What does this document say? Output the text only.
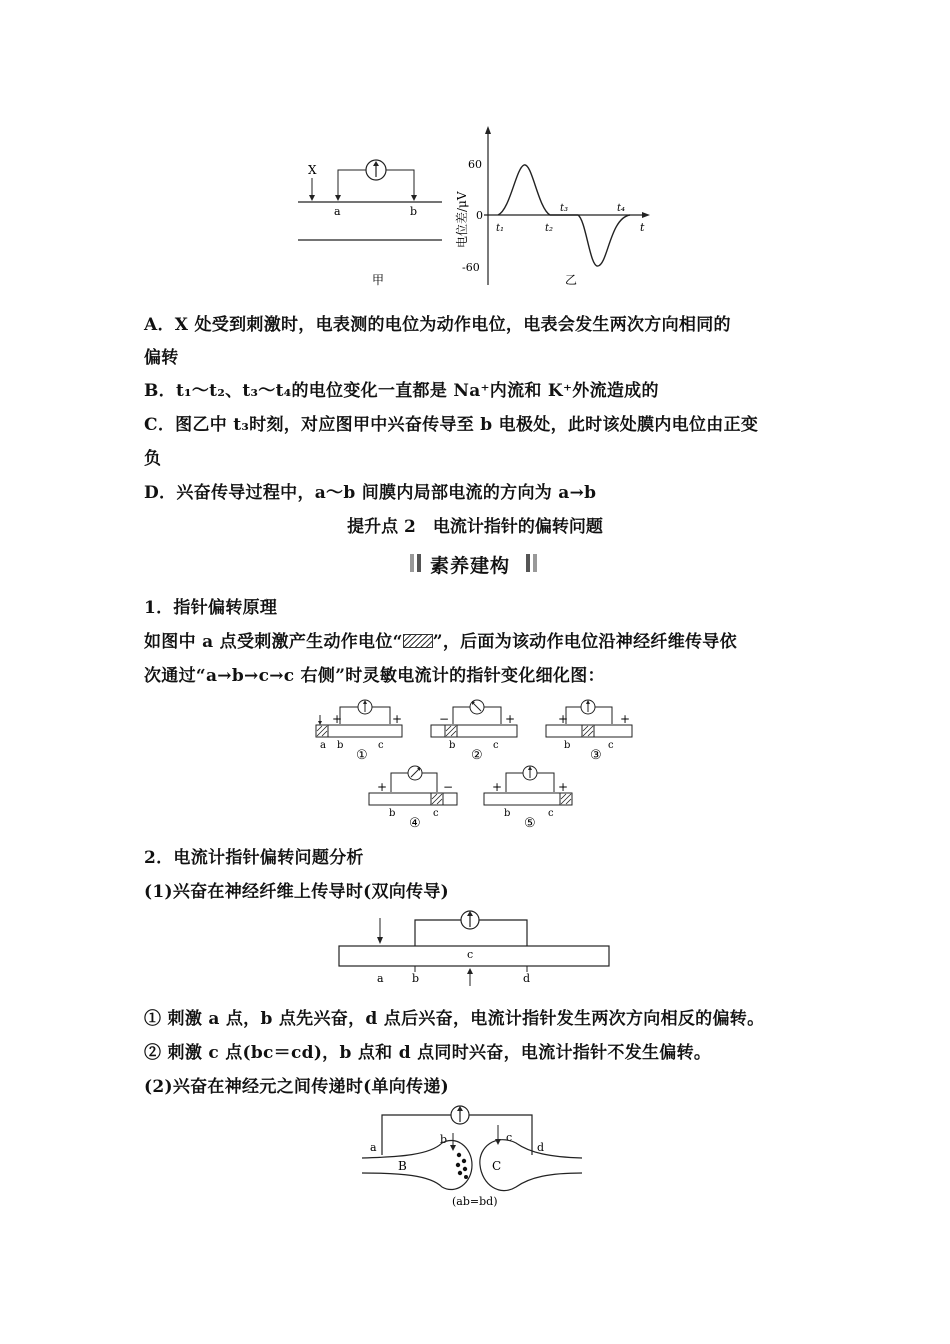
X
a	b
甲
60
0
-60
电位差/μV	t₁	t₂
t₃	t₄
t
乙
A．X 处受到刺激时，电表测的电位为动作电位，电表会发生两次方向相同的
偏转
B．t₁～t₂、t₃～t₄的电位变化一直都是 Na⁺内流和 K⁺外流造成的
C．图乙中 t₃时刻，对应图甲中兴奋传导至 b 电极处，此时该处膜内电位由正变
负
D．兴奋传导过程中，a～b 间膜内局部电流的方向为 a→b
提升点 2　电流计指针的偏转问题
素养建构
1．指针偏转原理
如图中 a 点受刺激产生动作电位“ ”，后面为该动作电位沿神经纤维传导依
次通过“a→b→c→c 右侧”时灵敏电流计的指针变化细化图：
+	+
a b	c
①
−	+
b	c
②
+	+
b	c
③
+	−
b	c
④
+	+
b	c
⑤
2．电流计指针偏转问题分析
(1)兴奋在神经纤维上传导时(双向传导)
c
a	b	d
① 刺激 a 点，b 点先兴奋，d 点后兴奋，电流计指针发生两次方向相反的偏转。
② 刺激 c 点(bc＝cd)，b 点和 d 点同时兴奋，电流计指针不发生偏转。
(2)兴奋在神经元之间传递时(单向传递)
a	d
b	c
B	C
(ab=bd)
